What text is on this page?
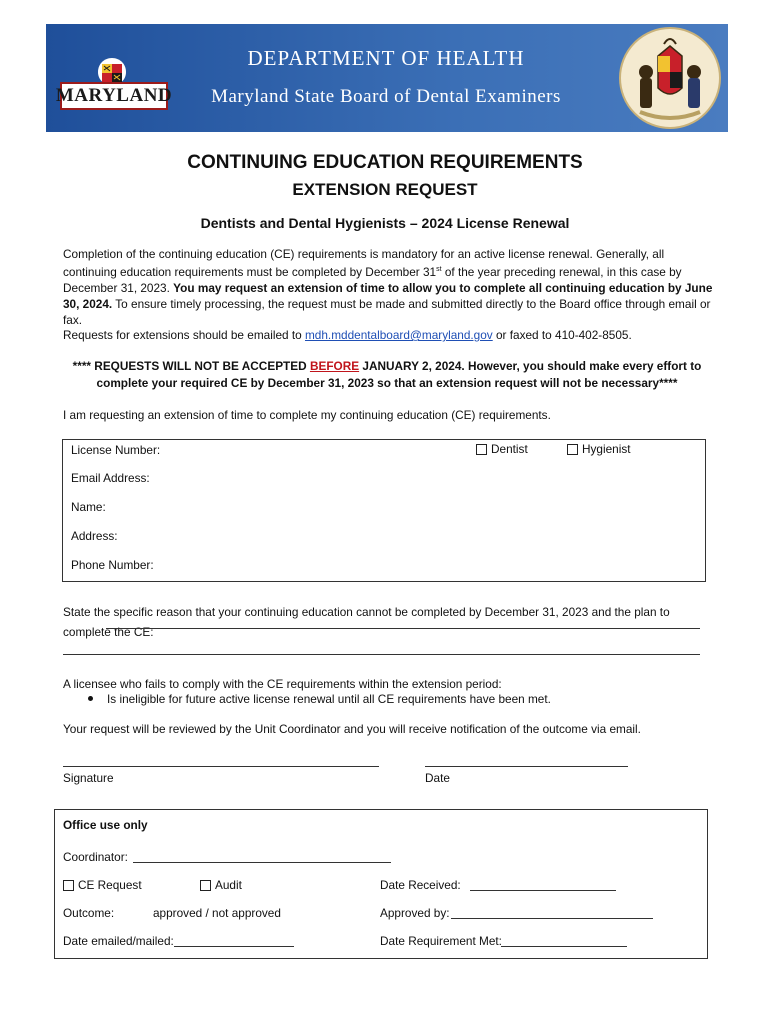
MARYLAND
DEPARTMENT OF HEALTH
Maryland State Board of Dental Examiners
CONTINUING EDUCATION REQUIREMENTS
EXTENSION REQUEST
Dentists and Dental Hygienists – 2024 License Renewal
Completion of the continuing education (CE) requirements is mandatory for an active license renewal. Generally, all continuing education requirements must be completed by December 31st of the year preceding renewal, in this case by December 31, 2023. You may request an extension of time to allow you to complete all continuing education by June 30, 2024. To ensure timely processing, the request must be made and submitted directly to the Board office through email or fax.
Requests for extensions should be emailed to mdh.mddentalboard@maryland.gov or faxed to 410-402-8505.
**** REQUESTS WILL NOT BE ACCEPTED BEFORE JANUARY 2, 2024. However, you should make every effort to complete your required CE by December 31, 2023 so that an extension request will not be necessary****
I am requesting an extension of time to complete my continuing education (CE) requirements.
License Number:	Dentist	Hygienist
Email Address:
Name:
Address:
Phone Number:
State the specific reason that your continuing education cannot be completed by December 31, 2023 and the plan to complete the CE:
A licensee who fails to comply with the CE requirements within the extension period:
Is ineligible for future active license renewal until all CE requirements have been met.
Your request will be reviewed by the Unit Coordinator and you will receive notification of the outcome via email.
Signature	Date
Office use only
Coordinator:
CE Request	Audit	Date Received:
Outcome:	approved / not approved	Approved by:
Date emailed/mailed:	Date Requirement Met:
